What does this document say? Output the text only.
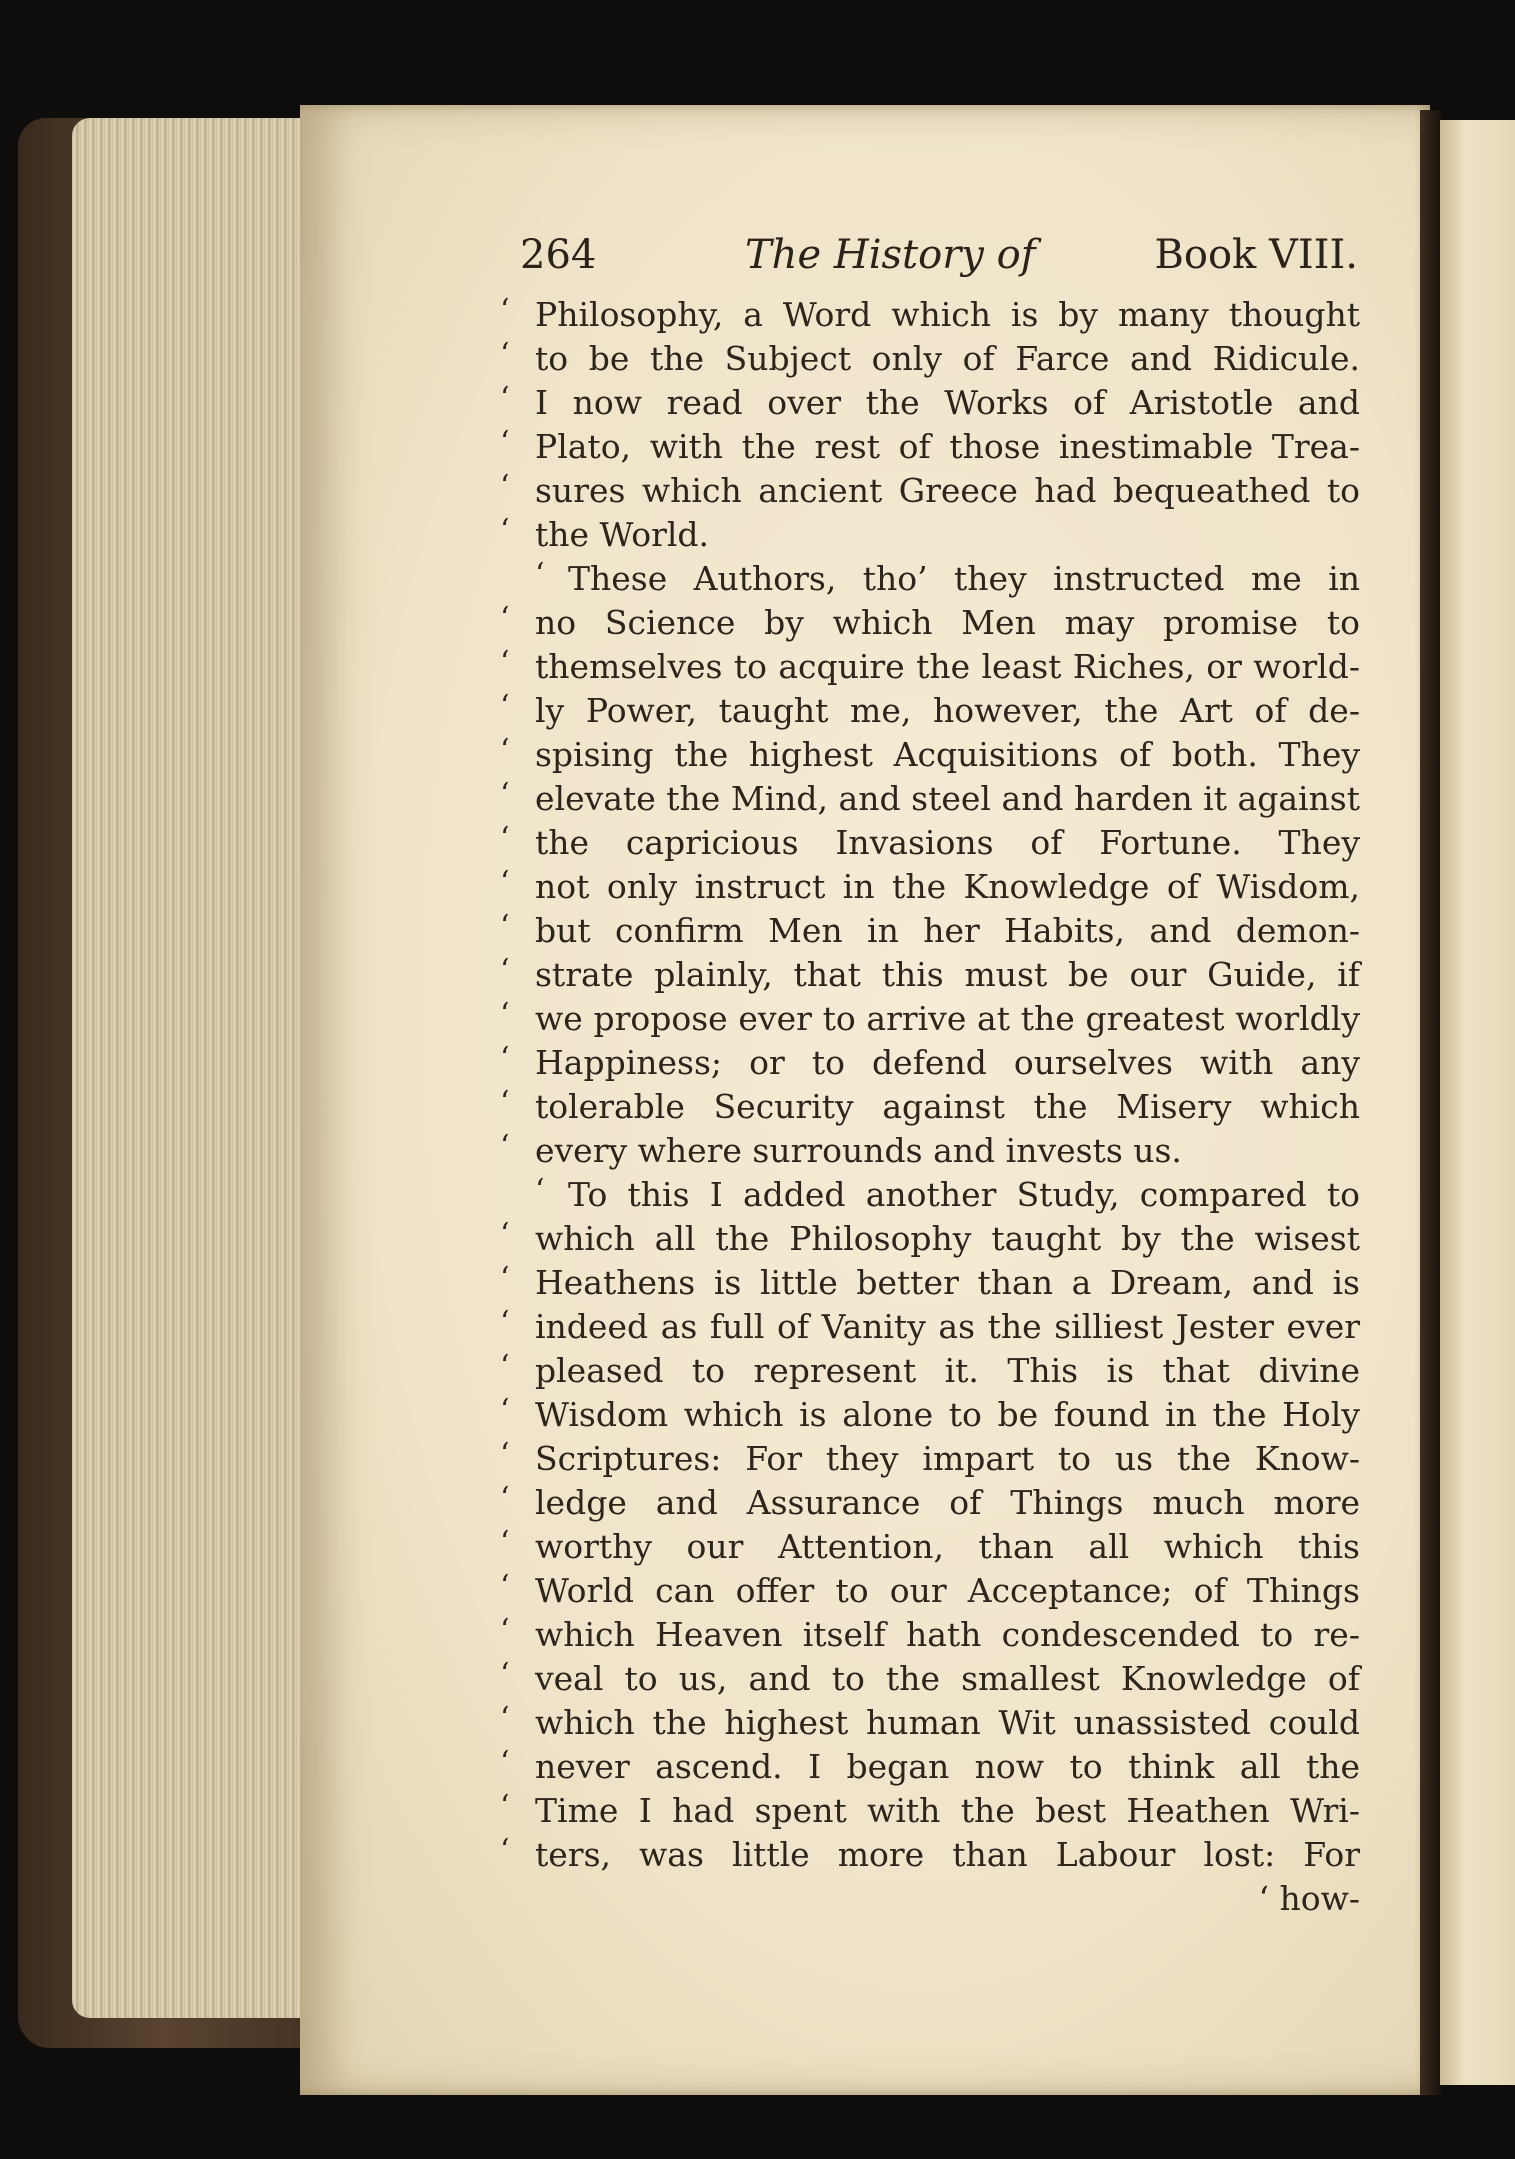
264	The History of	Book VIII.
‘ Philosophy, a Word which is by many thought
‘ to be the Subject only of Farce and Ridicule.
‘ I now read over the Works of Aristotle and
‘ Plato, with the rest of those inestimable Trea-
‘ sures which ancient Greece had bequeathed to
‘ the World.
‘ These Authors, tho’ they instructed me in
‘ no Science by which Men may promise to
‘ themselves to acquire the least Riches, or world-
‘ ly Power, taught me, however, the Art of de-
‘ spising the highest Acquisitions of both. They
‘ elevate the Mind, and steel and harden it against
‘ the capricious Invasions of Fortune. They
‘ not only instruct in the Knowledge of Wisdom,
‘ but confirm Men in her Habits, and demon-
‘ strate plainly, that this must be our Guide, if
‘ we propose ever to arrive at the greatest worldly
‘ Happiness; or to defend ourselves with any
‘ tolerable Security against the Misery which
‘ every where surrounds and invests us.
‘ To this I added another Study, compared to
‘ which all the Philosophy taught by the wisest
‘ Heathens is little better than a Dream, and is
‘ indeed as full of Vanity as the silliest Jester ever
‘ pleased to represent it. This is that divine
‘ Wisdom which is alone to be found in the Holy
‘ Scriptures: For they impart to us the Know-
‘ ledge and Assurance of Things much more
‘ worthy our Attention, than all which this
‘ World can offer to our Acceptance; of Things
‘ which Heaven itself hath condescended to re-
‘ veal to us, and to the smallest Knowledge of
‘ which the highest human Wit unassisted could
‘ never ascend. I began now to think all the
‘ Time I had spent with the best Heathen Wri-
‘ ters, was little more than Labour lost: For
‘ how-
